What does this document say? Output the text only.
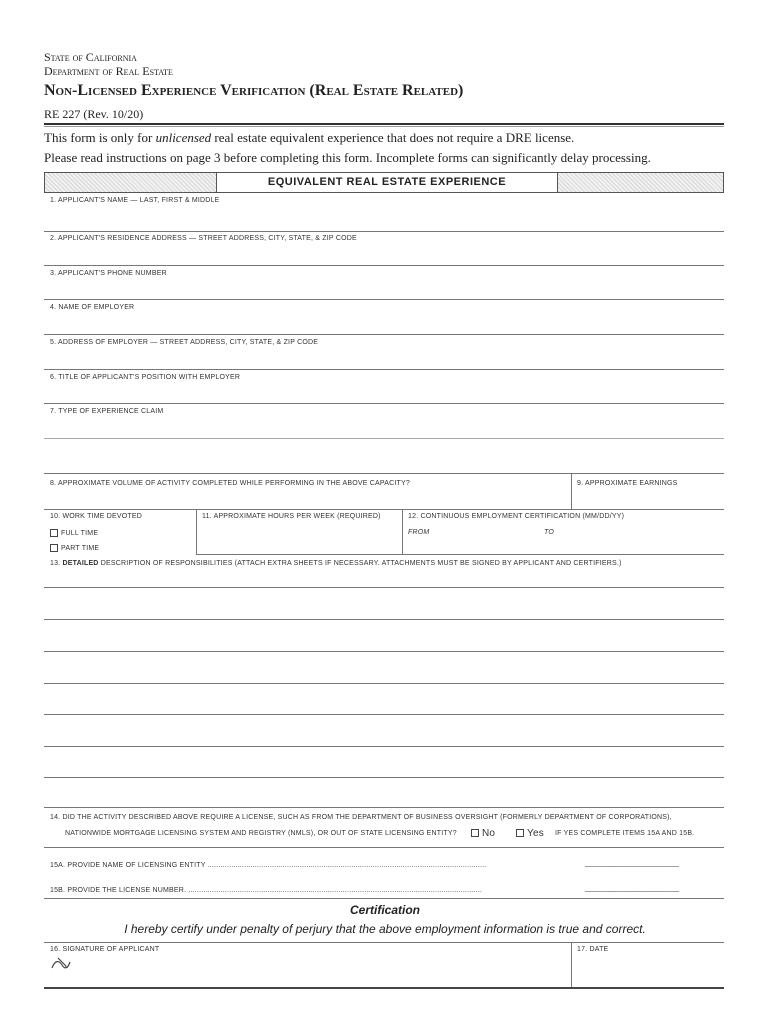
State of California
Department of Real Estate
Non-Licensed Experience Verification (Real Estate Related)
RE 227 (Rev. 10/20)
This form is only for unlicensed real estate equivalent experience that does not require a DRE license.
Please read instructions on page 3 before completing this form. Incomplete forms can significantly delay processing.
EQUIVALENT REAL ESTATE EXPERIENCE
1. APPLICANT'S NAME — LAST, FIRST & MIDDLE
2. APPLICANT'S RESIDENCE ADDRESS — STREET ADDRESS, CITY, STATE, & ZIP CODE
3. APPLICANT'S PHONE NUMBER
4. NAME OF EMPLOYER
5. ADDRESS OF EMPLOYER — STREET ADDRESS, CITY, STATE, & ZIP CODE
6. TITLE OF APPLICANT'S POSITION WITH EMPLOYER
7. TYPE OF EXPERIENCE CLAIM
8. APPROXIMATE VOLUME OF ACTIVITY COMPLETED WHILE PERFORMING IN THE ABOVE CAPACITY?	9. APPROXIMATE EARNINGS
10. WORK TIME DEVOTED
FULL TIME
PART TIME
11. APPROXIMATE HOURS PER WEEK (REQUIRED)	12. CONTINUOUS EMPLOYMENT CERTIFICATION (MM/DD/YY)
FROM	TO
13. DETAILED DESCRIPTION OF RESPONSIBILITIES (ATTACH EXTRA SHEETS IF NECESSARY. ATTACHMENTS MUST BE SIGNED BY APPLICANT AND CERTIFIERS.)
14. DID THE ACTIVITY DESCRIBED ABOVE REQUIRE A LICENSE, SUCH AS FROM THE DEPARTMENT OF BUSINESS OVERSIGHT (FORMERLY DEPARTMENT OF CORPORATIONS),
NATIONWIDE MORTGAGE LICENSING SYSTEM AND REGISTRY (NMLS), OR OUT OF STATE LICENSING ENTITY?	No	Yes IF YES COMPLETE ITEMS 15A AND 15B.
15A. PROVIDE NAME OF LICENSING ENTITY ..................................................................................................................................	_______________________
15B. PROVIDE THE LICENSE NUMBER. .........................................................................................................................................	_______________________
Certification
I hereby certify under penalty of perjury that the above employment information is true and correct.
16. SIGNATURE OF APPLICANT	17. DATE
